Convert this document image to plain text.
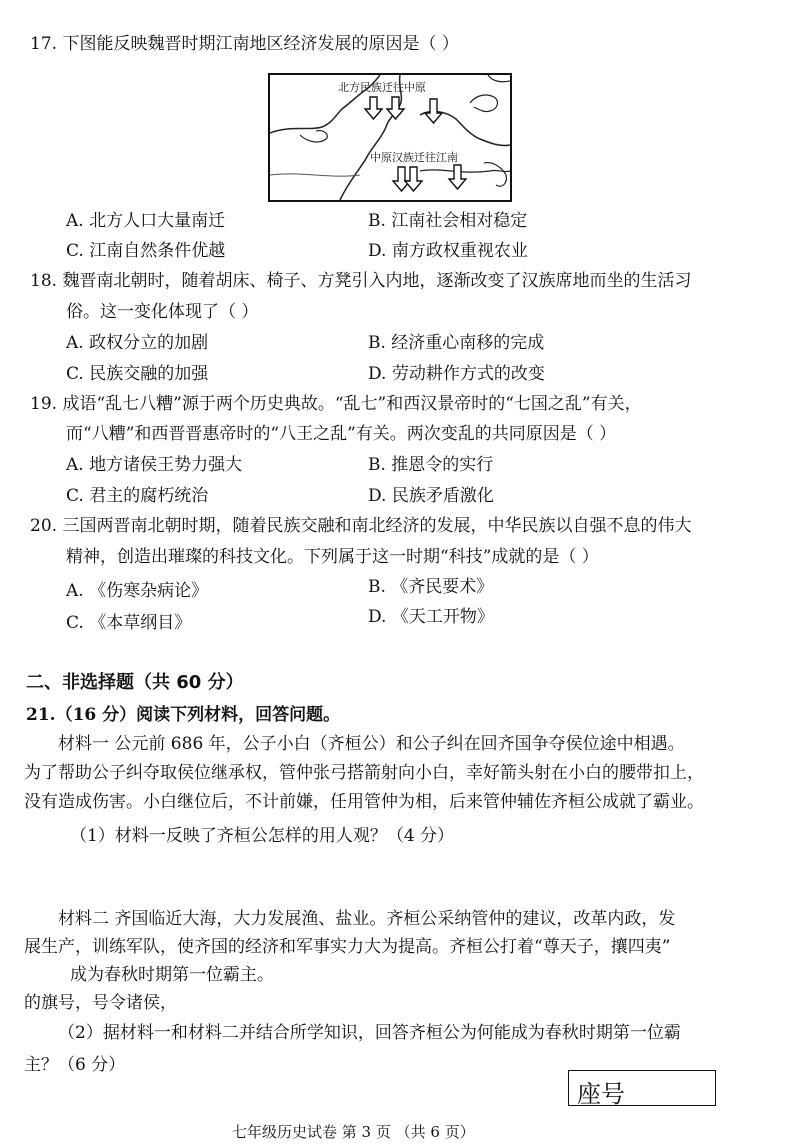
17. 下图能反映魏晋时期江南地区经济发展的原因是（ ）
北方民族迁往中原
中原汉族迁往江南
A. 北方人口大量南迁	B. 江南社会相对稳定
C. 江南自然条件优越	D. 南方政权重视农业
18. 魏晋南北朝时，随着胡床、椅子、方凳引入内地，逐渐改变了汉族席地而坐的生活习
俗。这一变化体现了（ ）
A. 政权分立的加剧	B. 经济重心南移的完成
C. 民族交融的加强	D. 劳动耕作方式的改变
19. 成语“乱七八糟”源于两个历史典故。“乱七”和西汉景帝时的“七国之乱”有关，
而“八糟”和西晋晋惠帝时的“八王之乱”有关。两次变乱的共同原因是（ ）
A. 地方诸侯王势力强大	B. 推恩令的实行
C. 君主的腐朽统治	D. 民族矛盾激化
20. 三国两晋南北朝时期，随着民族交融和南北经济的发展，中华民族以自强不息的伟大
精神，创造出璀璨的科技文化。下列属于这一时期“科技”成就的是（ ）
A. 《伤寒杂病论》	B. 《齐民要术》
C. 《本草纲目》	D. 《天工开物》
二、非选择题（共 60 分）
21.（16 分）阅读下列材料，回答问题。
材料一 公元前 686 年，公子小白（齐桓公）和公子纠在回齐国争夺侯位途中相遇。
为了帮助公子纠夺取侯位继承权，管仲张弓搭箭射向小白，幸好箭头射在小白的腰带扣上，
没有造成伤害。小白继位后，不计前嫌，任用管仲为相，后来管仲辅佐齐桓公成就了霸业。
（1）材料一反映了齐桓公怎样的用人观？（4 分）
材料二 齐国临近大海，大力发展渔、盐业。齐桓公采纳管仲的建议，改革内政，发
展生产，训练军队，使齐国的经济和军事实力大为提高。齐桓公打着“尊天子，攘四夷”
成为春秋时期第一位霸主。
的旗号，号令诸侯，
（2）据材料一和材料二并结合所学知识，回答齐桓公为何能成为春秋时期第一位霸
主？（6 分）
座号
七年级历史试卷 第 3 页 （共 6 页）
